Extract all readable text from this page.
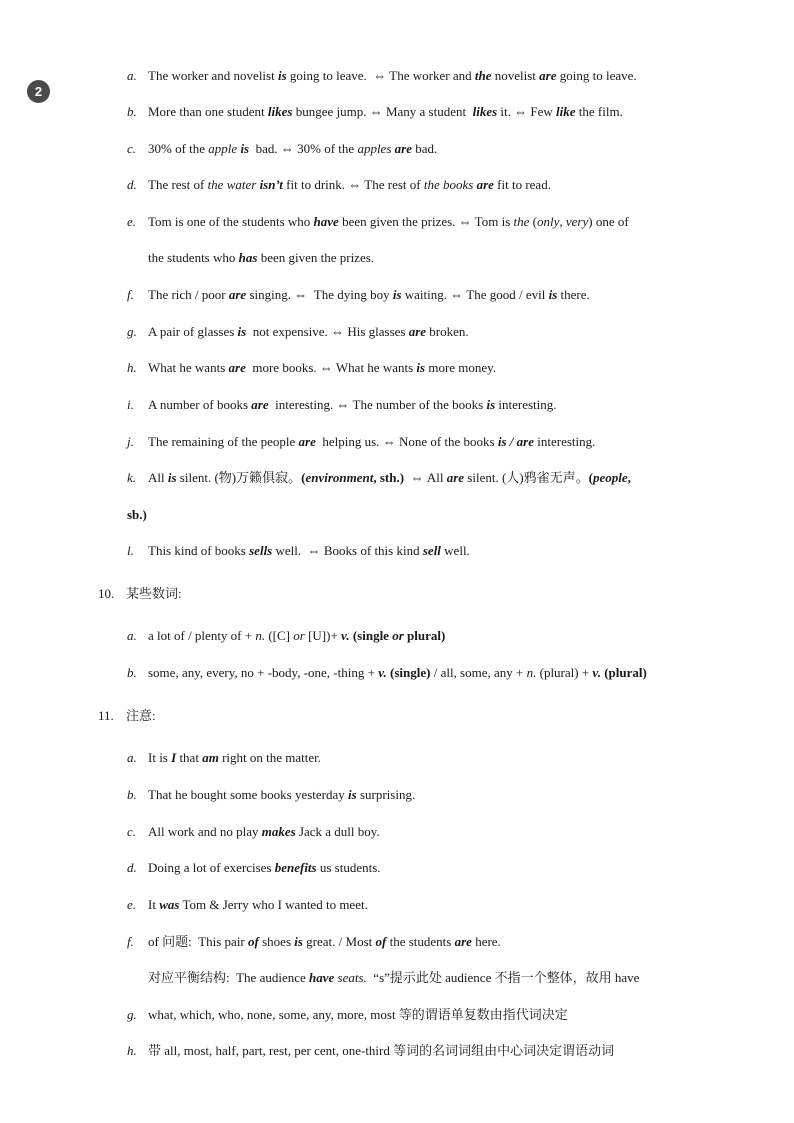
2
a. The worker and novelist is going to leave.  ⇔ The worker and the novelist are going to leave.
b. More than one student likes bungee jump. ⇔ Many a student  likes it. ⇔ Few like the film.
c. 30% of the apple is  bad. ⇔ 30% of the apples are bad.
d. The rest of the water isn’t fit to drink. ⇔ The rest of the books are fit to read.
e. Tom is one of the students who have been given the prizes. ⇔ Tom is the (only, very) one of
the students who has been given the prizes.
f. The rich / poor are singing. ⇔  The dying boy is waiting. ⇔ The good / evil is there.
g. A pair of glasses is  not expensive. ⇔ His glasses are broken.
h. What he wants are  more books. ⇔ What he wants is more money.
i. A number of books are  interesting. ⇔ The number of the books is interesting.
j. The remaining of the people are  helping us. ⇔ None of the books is / are interesting.
k. All is silent. (物)万籁俱寂。(environment, sth.) ⇔ All are silent. (人)鸦雀无声。(people,
sb.)
l. This kind of books sells well.  ⇔ Books of this kind sell well.
10. 某些数词:
a. a lot of / plenty of + n. ([C] or [U])+ v. (single or plural)
b. some, any, every, no + -body, -one, -thing + v. (single) / all, some, any + n. (plural) + v. (plural)
11. 注意:
a. It is I that am right on the matter.
b. That he bought some books yesterday is surprising.
c. All work and no play makes Jack a dull boy.
d. Doing a lot of exercises benefits us students.
e. It was Tom & Jerry who I wanted to meet.
f. of 问题:  This pair of shoes is great. / Most of the students are here.
对应平衡结构:  The audience have seats.  “s”提示此处 audience 不指一个整体，故用 have
g. what, which, who, none, some, any, more, most 等的谓语单复数由指代词决定
h. 带 all, most, half, part, rest, per cent, one-third 等词的名词词组由中心词决定谓语动词
